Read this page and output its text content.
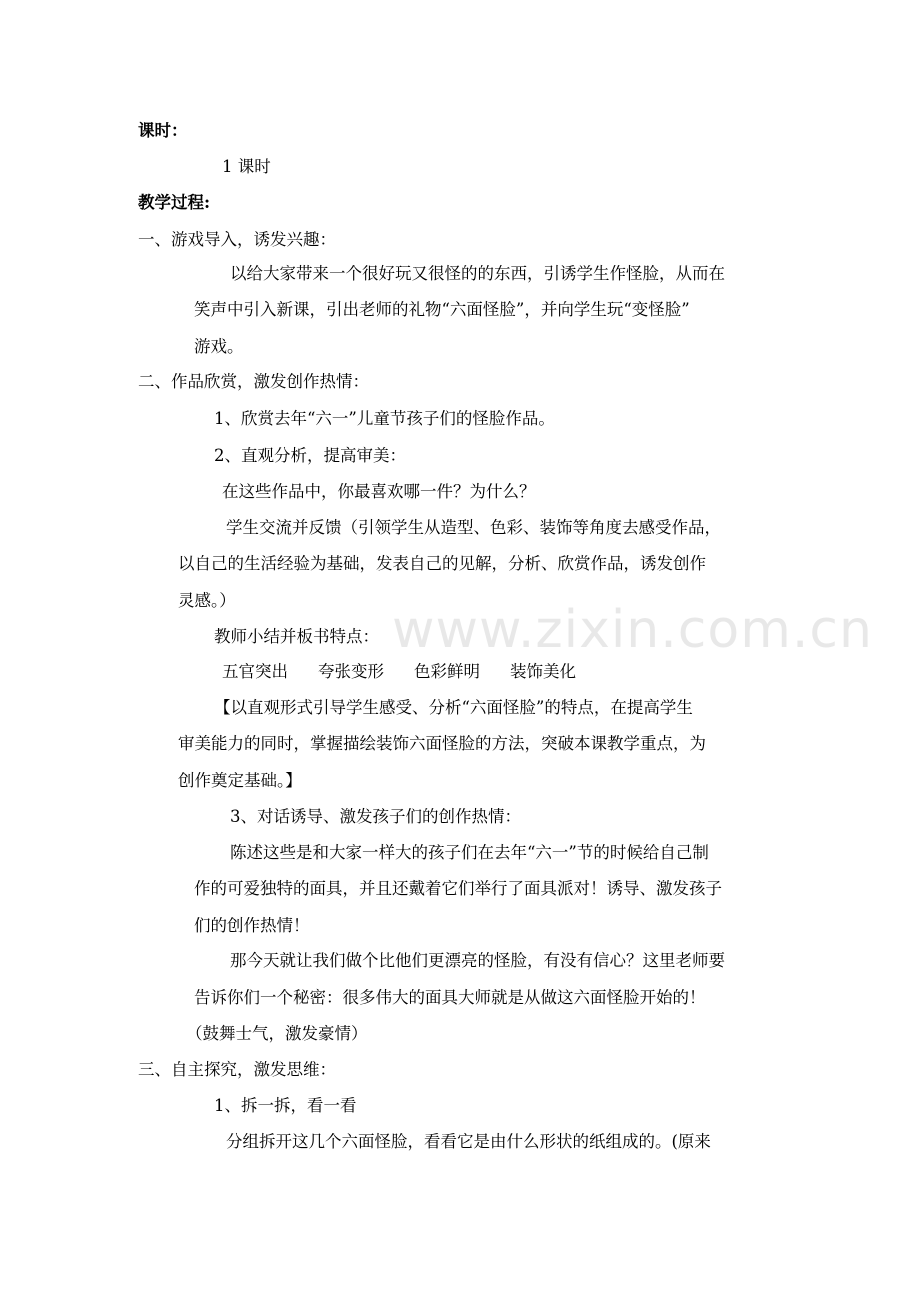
www.zixin.com.cn
课时：
1 课时
教学过程:
一、游戏导入，诱发兴趣：
以给大家带来一个很好玩又很怪的的东西，引诱学生作怪脸，从而在
笑声中引入新课，引出老师的礼物“六面怪脸”，并向学生玩“变怪脸”
游戏。
二、作品欣赏，激发创作热情：
1、欣赏去年“六一”儿童节孩子们的怪脸作品。
2、直观分析，提高审美：
在这些作品中，你最喜欢哪一件？为什么？
学生交流并反馈（引领学生从造型、色彩、装饰等角度去感受作品，
以自己的生活经验为基础，发表自己的见解，分析、欣赏作品，诱发创作
灵感。）
教师小结并板书特点：
五官突出 夸张变形 色彩鲜明 装饰美化
【以直观形式引导学生感受、分析“六面怪脸”的特点，在提高学生
审美能力的同时，掌握描绘装饰六面怪脸的方法，突破本课教学重点，为
创作奠定基础。】
3、对话诱导、激发孩子们的创作热情：
陈述这些是和大家一样大的孩子们在去年“六一”节的时候给自己制
作的可爱独特的面具，并且还戴着它们举行了面具派对！诱导、激发孩子
们的创作热情！
那今天就让我们做个比他们更漂亮的怪脸，有没有信心？这里老师要
告诉你们一个秘密：很多伟大的面具大师就是从做这六面怪脸开始的！
（鼓舞士气，激发豪情）
三、自主探究，激发思维：
1、拆一拆，看一看
分组拆开这几个六面怪脸，看看它是由什么形状的纸组成的。(原来
